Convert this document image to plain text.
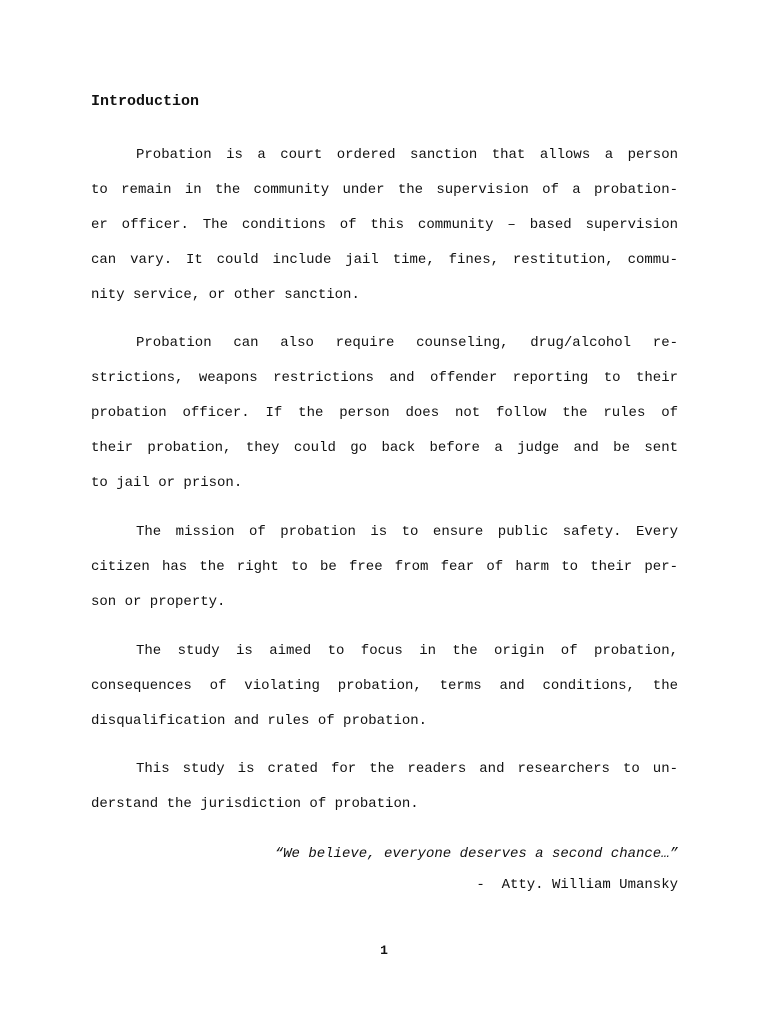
Introduction
Probation is a court ordered sanction that allows a person
to remain in the community under the supervision of a probation-
er officer. The conditions of this community – based supervision
can vary. It could include jail time, fines, restitution, commu-
nity service, or other sanction.
Probation can also require counseling, drug/alcohol re-
strictions, weapons restrictions and offender reporting to their
probation officer. If the person does not follow the rules of
their probation, they could go back before a judge and be sent
to jail or prison.
The mission of probation is to ensure public safety. Every
citizen has the right to be free from fear of harm to their per-
son or property.
The study is aimed to focus in the origin of probation,
consequences of violating probation, terms and conditions, the
disqualification and rules of probation.
This study is crated for the readers and researchers to un-
derstand the jurisdiction of probation.
“We believe, everyone deserves a second chance…”
-  Atty. William Umansky
1
